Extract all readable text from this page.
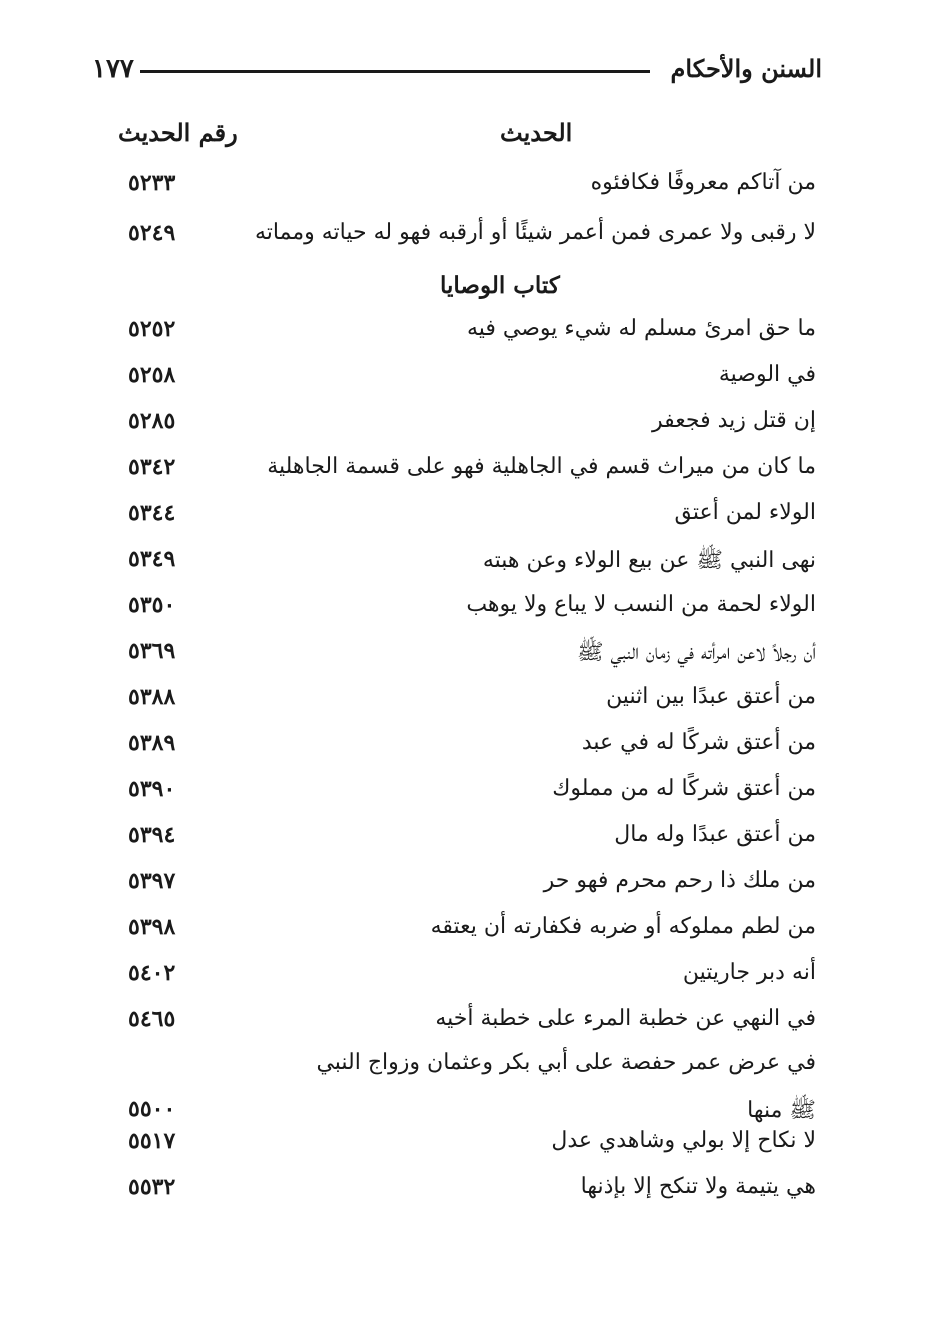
١٧٧	السنن والأحكام
الحديث
رقم الحديث
من آتاكم معروفًا فكافئوه
٥٢٣٣
لا رقبى ولا عمرى فمن أعمر شيئًا أو أرقبه فهو له حياته ومماته
٥٢٤٩
كتاب الوصايا
ما حق امرئ مسلم له شيء يوصي فيه
٥٢٥٢
في الوصية
٥٢٥٨
إن قتل زيد فجعفر
٥٢٨٥
ما كان من ميراث قسم في الجاهلية فهو على قسمة الجاهلية
٥٣٤٢
الولاء لمن أعتق
٥٣٤٤
نهى النبي ﷺ عن بيع الولاء وعن هبته
٥٣٤٩
الولاء لحمة من النسب لا يباع ولا يوهب
٥٣٥٠
أن رجلاً لاعن امرأته في زمان النبي ﷺ
٥٣٦٩
من أعتق عبدًا بين اثنين
٥٣٨٨
من أعتق شركًا له في عبد
٥٣٨٩
من أعتق شركًا له من مملوك
٥٣٩٠
من أعتق عبدًا وله مال
٥٣٩٤
من ملك ذا رحم محرم فهو حر
٥٣٩٧
من لطم مملوكه أو ضربه فكفارته أن يعتقه
٥٣٩٨
أنه دبر جاريتين
٥٤٠٢
في النهي عن خطبة المرء على خطبة أخيه
٥٤٦٥
في عرض عمر حفصة على أبي بكر وعثمان وزواج النبي
ﷺ منها
٥٥٠٠
لا نكاح إلا بولي وشاهدي عدل
٥٥١٧
هي يتيمة ولا تنكح إلا بإذنها
٥٥٣٢
